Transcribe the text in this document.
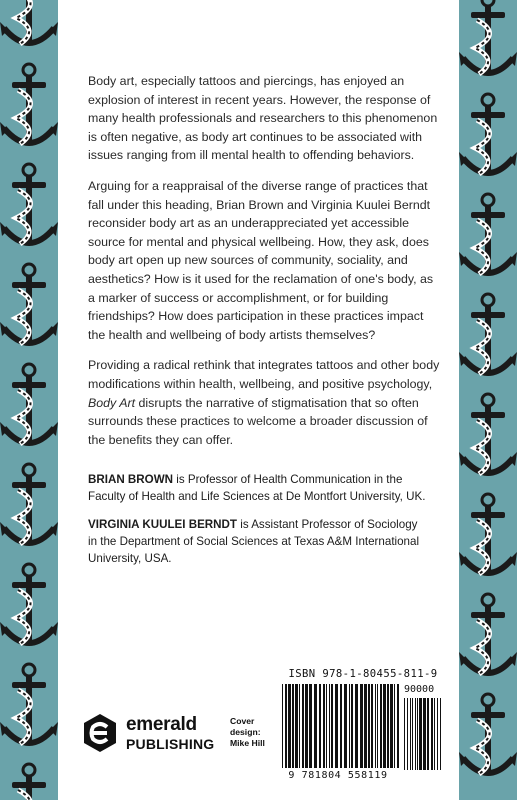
Body art, especially tattoos and piercings, has enjoyed an explosion of interest in recent years. However, the response of many health professionals and researchers to this phenomenon is often negative, as body art continues to be associated with issues ranging from ill mental health to offending behaviors.

Arguing for a reappraisal of the diverse range of practices that fall under this heading, Brian Brown and Virginia Kuulei Berndt reconsider body art as an underappreciated yet accessible source for mental and physical wellbeing. How, they ask, does body art open up new sources of community, sociality, and aesthetics? How is it used for the reclamation of one's body, as a marker of success or accomplishment, or for building friendships? How does participation in these practices impact the health and wellbeing of body artists themselves?

Providing a radical rethink that integrates tattoos and other body modifications within health, wellbeing, and positive psychology, Body Art disrupts the narrative of stigmatisation that so often surrounds these practices to welcome a broader discussion of the benefits they can offer.

BRIAN BROWN is Professor of Health Communication in the Faculty of Health and Life Sciences at De Montfort University, UK.

VIRGINIA KUULEI BERNDT is Assistant Professor of Sociology in the Department of Social Sciences at Texas A&M International University, USA.

emerald
PUBLISHING
Cover
design:
Mike Hill
ISBN 978-1-80455-811-9
90000
9 781804 558119
